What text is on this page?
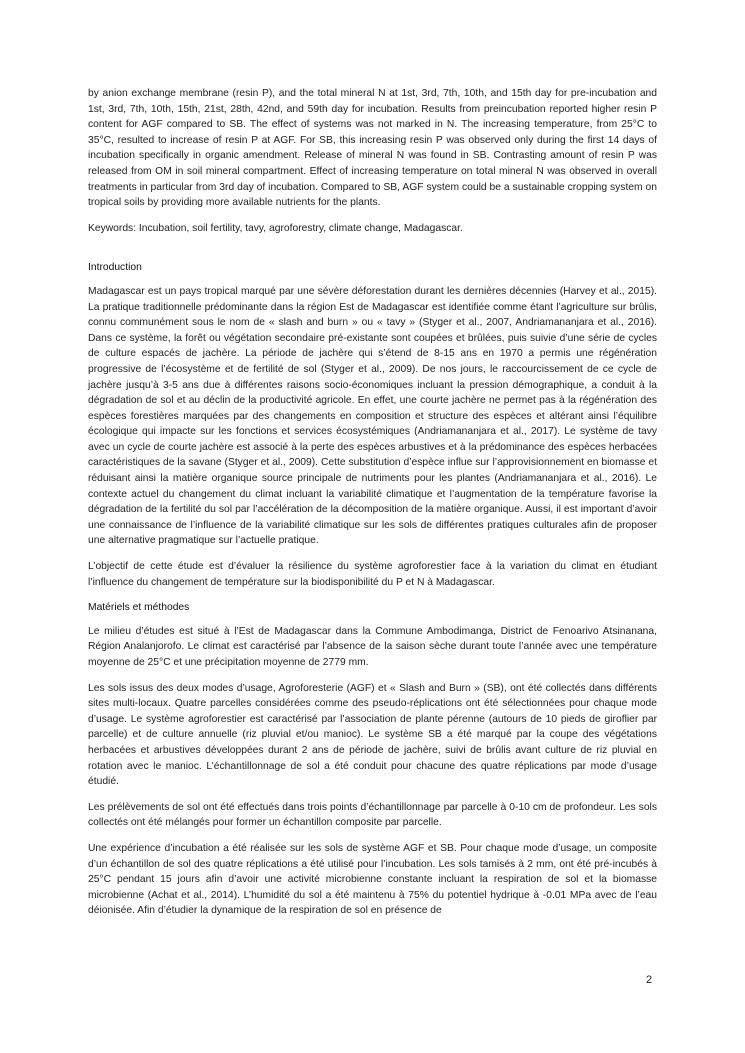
by anion exchange membrane (resin P), and the total mineral N at 1st, 3rd, 7th, 10th, and 15th day for pre-incubation and 1st, 3rd, 7th, 10th, 15th, 21st, 28th, 42nd, and 59th day for incubation. Results from preincubation reported higher resin P content for AGF compared to SB. The effect of systems was not marked in N. The increasing temperature, from 25°C to 35°C, resulted to increase of resin P at AGF. For SB, this increasing resin P was observed only during the first 14 days of incubation specifically in organic amendment. Release of mineral N was found in SB. Contrasting amount of resin P was released from OM in soil mineral compartment. Effect of increasing temperature on total mineral N was observed in overall treatments in particular from 3rd day of incubation. Compared to SB, AGF system could be a sustainable cropping system on tropical soils by providing more available nutrients for the plants.

Keywords: Incubation, soil fertility, tavy, agroforestry, climate change, Madagascar.

Introduction

Madagascar est un pays tropical marqué par une sévère déforestation durant les dernières décennies (Harvey et al., 2015). La pratique traditionnelle prédominante dans la région Est de Madagascar est identifiée comme étant l’agriculture sur brûlis, connu communément sous le nom de « slash and burn » ou « tavy » (Styger et al., 2007, Andriamananjara et al., 2016). Dans ce système, la forêt ou végétation secondaire pré-existante sont coupées et brûlées, puis suivie d’une série de cycles de culture espacés de jachère. La période de jachère qui s’étend de 8-15 ans en 1970 a permis une régénération progressive de l’écosystème et de fertilité de sol (Styger et al., 2009). De nos jours, le raccourcissement de ce cycle de jachère jusqu’à 3-5 ans due à différentes raisons socio-économiques incluant la pression démographique, a conduit à la dégradation de sol et au déclin de la productivité agricole. En effet, une courte jachère ne permet pas à la régénération des espèces forestières marquées par des changements en composition et structure des espèces et altérant ainsi l’équilibre écologique qui impacte sur les fonctions et services écosystémiques (Andriamananjara et al., 2017). Le système de tavy avec un cycle de courte jachère est associé à la perte des espèces arbustives et à la prédominance des espèces herbacées caractéristiques de la savane (Styger et al., 2009). Cette substitution d’espèce influe sur l’approvisionnement en biomasse et réduisant ainsi la matière organique source principale de nutriments pour les plantes (Andriamananjara et al., 2016). Le contexte actuel du changement du climat incluant la variabilité climatique et l’augmentation de la température favorise la dégradation de la fertilité du sol par l’accélération de la décomposition de la matière organique. Aussi, il est important d’avoir une connaissance de l’influence de la variabilité climatique sur les sols de différentes pratiques culturales afin de proposer une alternative pragmatique sur l’actuelle pratique.

L’objectif de cette étude est d’évaluer la résilience du système agroforestier face à la variation du climat en étudiant l’influence du changement de température sur la biodisponibilité du P et N à Madagascar.

Matériels et méthodes

Le milieu d’études est situé à l’Est de Madagascar dans la Commune Ambodimanga, District de Fenoarivo Atsinanana, Région Analanjorofo. Le climat est caractérisé par l’absence de la saison sèche durant toute l’année avec une température moyenne de 25°C et une précipitation moyenne de 2779 mm.

Les sols issus des deux modes d’usage, Agroforesterie (AGF) et « Slash and Burn » (SB), ont été collectés dans différents sites multi-locaux. Quatre parcelles considérées comme des pseudo-réplications ont été sélectionnées pour chaque mode d’usage. Le système agroforestier est caractérisé par l’association de plante pérenne (autours de 10 pieds de giroflier par parcelle) et de culture annuelle (riz pluvial et/ou manioc). Le système SB a été marqué par la coupe des végétations herbacées et arbustives développées durant 2 ans de période de jachère, suivi de brûlis avant culture de riz pluvial en rotation avec le manioc. L’échantillonnage de sol a été conduit pour chacune des quatre réplications par mode d’usage étudié.

Les prélèvements de sol ont été effectués dans trois points d’échantillonnage par parcelle à 0-10 cm de profondeur. Les sols collectés ont été mélangés pour former un échantillon composite par parcelle.

Une expérience d’incubation a été réalisée sur les sols de système AGF et SB. Pour chaque mode d’usage, un composite d’un échantillon de sol des quatre réplications a été utilisé pour l’incubation. Les sols tamisés à 2 mm, ont été pré-incubés à 25°C pendant 15 jours afin d’avoir une activité microbienne constante incluant la respiration de sol et la biomasse microbienne (Achat et al., 2014). L’humidité du sol a été maintenu à 75% du potentiel hydrique à -0.01 MPa avec de l’eau déionisée. Afin d’étudier la dynamique de la respiration de sol en présence de

2
